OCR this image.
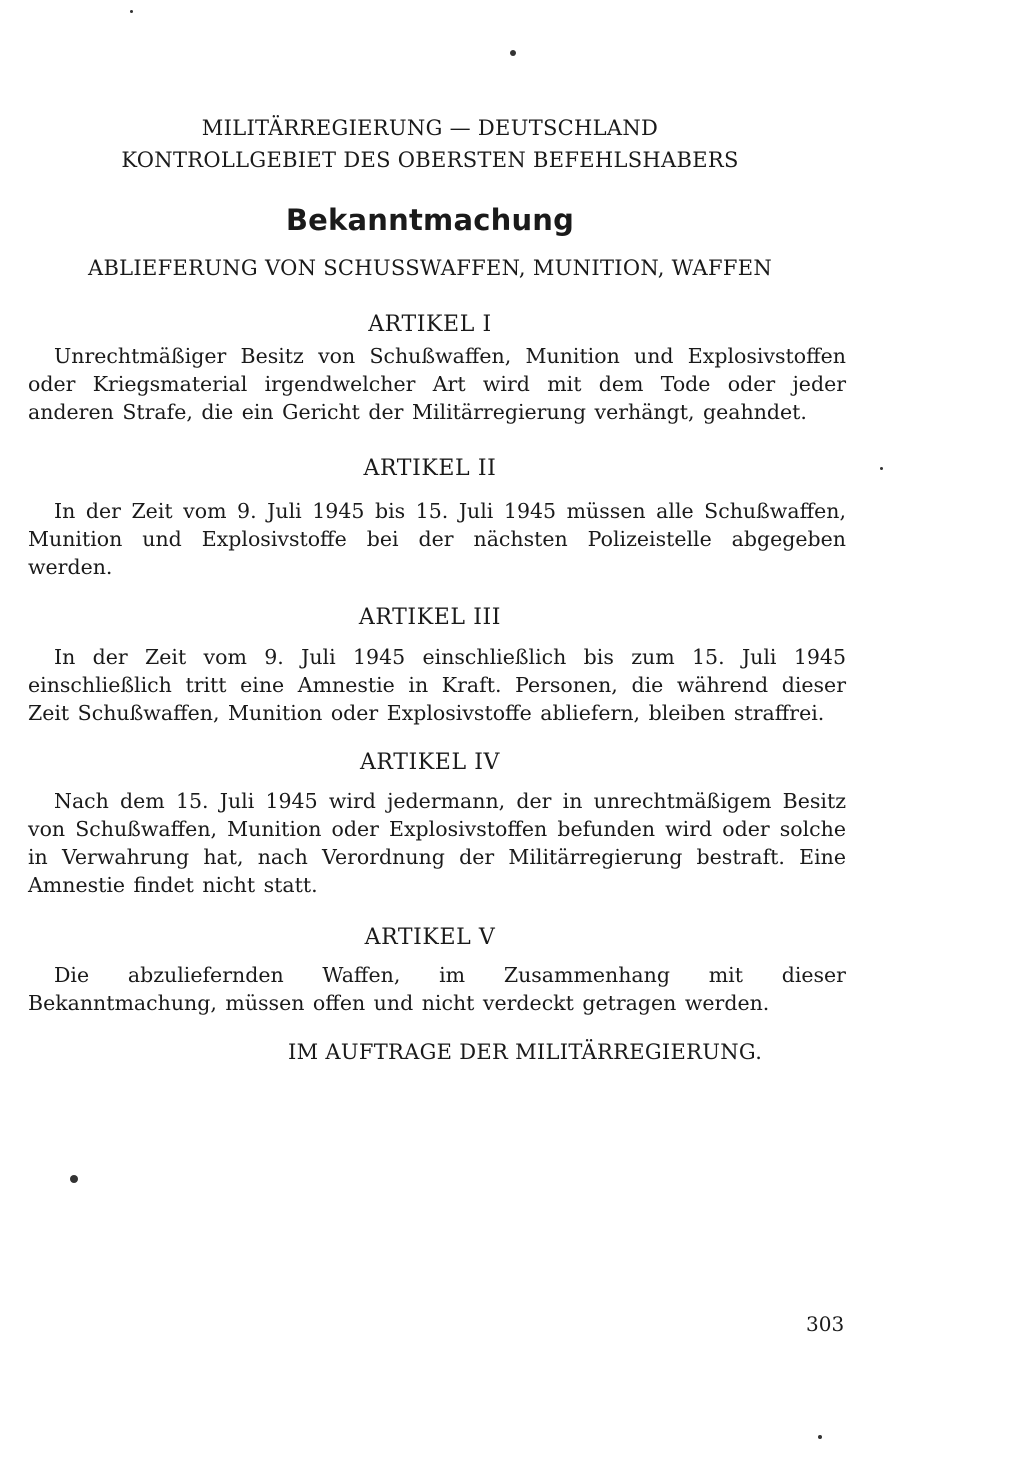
MILITÄRREGIERUNG — DEUTSCHLAND
KONTROLLGEBIET DES OBERSTEN BEFEHLSHABERS
Bekanntmachung
ABLIEFERUNG VON SCHUSSWAFFEN, MUNITION, WAFFEN
ARTIKEL I
Unrechtmäßiger Besitz von Schußwaffen, Munition und Explosivstoffen oder Kriegsmaterial irgendwelcher Art wird mit dem Tode oder jeder anderen Strafe, die ein Gericht der Militärregierung verhängt, geahndet.
ARTIKEL II
In der Zeit vom 9. Juli 1945 bis 15. Juli 1945 müssen alle Schußwaffen, Munition und Explosivstoffe bei der nächsten Polizeistelle abgegeben werden.
ARTIKEL III
In der Zeit vom 9. Juli 1945 einschließlich bis zum 15. Juli 1945 einschließlich tritt eine Amnestie in Kraft. Personen, die während dieser Zeit Schußwaffen, Munition oder Explosivstoffe abliefern, bleiben straffrei.
ARTIKEL IV
Nach dem 15. Juli 1945 wird jedermann, der in unrechtmäßigem Besitz von Schußwaffen, Munition oder Explosivstoffen befunden wird oder solche in Verwahrung hat, nach Verordnung der Militärregierung bestraft. Eine Amnestie findet nicht statt.
ARTIKEL V
Die abzuliefernden Waffen, im Zusammenhang mit dieser Bekanntmachung, müssen offen und nicht verdeckt getragen werden.
IM AUFTRAGE DER MILITÄRREGIERUNG.
303
